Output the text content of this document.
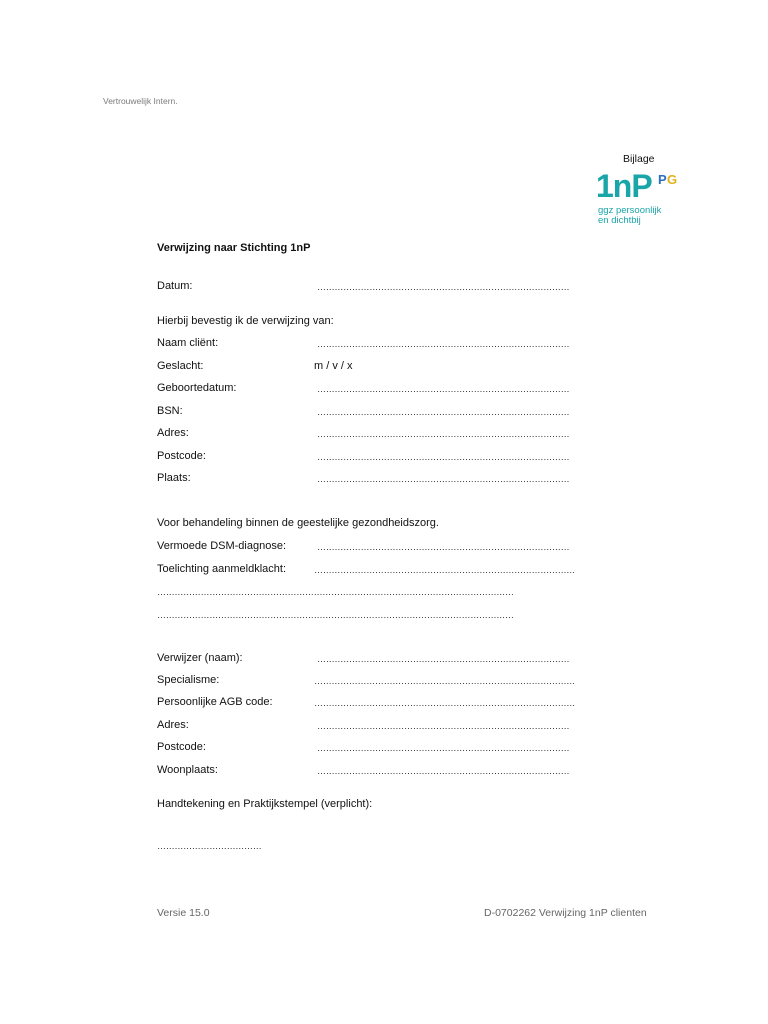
Vertrouwelijk Intern.
Bijlage
1nP P G
ggz persoonlijk
en dichtbij
Verwijzing naar Stichting 1nP
Datum:	……………………………………………………………………………
Hierbij bevestig ik de verwijzing van:
Naam cliënt:	……………………………………………………………………………
Geslacht:	m / v / x
Geboortedatum:	……………………………………………………………………………
BSN:	……………………………………………………………………………
Adres:	……………………………………………………………………………
Postcode:	……………………………………………………………………………
Plaats:	……………………………………………………………………………
Voor behandeling binnen de geestelijke gezondheidszorg.
Vermoede DSM-diagnose:	……………………………………………………………………………
Toelichting aanmeldklacht:	………………………………………………………………………………
……………………………………………………………………………………………………………
……………………………………………………………………………………………………………
Verwijzer (naam):	……………………………………………………………………………
Specialisme:	………………………………………………………………………………
Persoonlijke AGB code:	………………………………………………………………………………
Adres:	……………………………………………………………………………
Postcode:	……………………………………………………………………………
Woonplaats:	……………………………………………………………………………
Handtekening en Praktijkstempel (verplicht):
………………………………
Versie 15.0	D-0702262 Verwijzing 1nP clienten
